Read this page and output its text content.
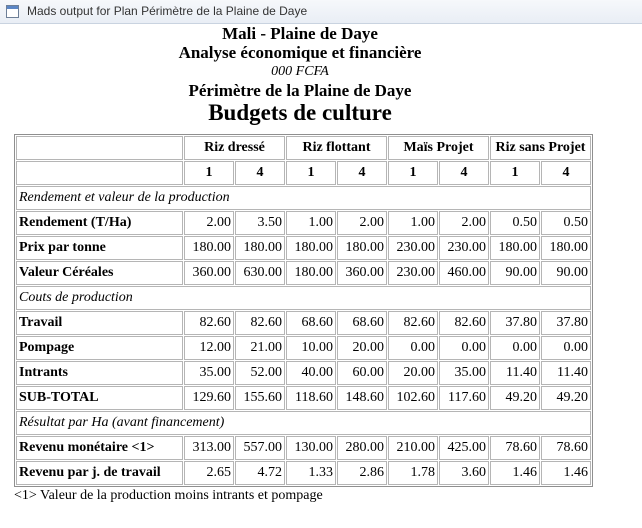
Mads output for Plan Périmètre de la Plaine de Daye
Mali - Plaine de Daye
Analyse économique et financière
000 FCFA
Périmètre de la Plaine de Daye
Budgets de culture
	Riz dressé		Riz flottant		Maïs Projet		Riz sans Projet	
	1	4	1	4	1	4	1	4
Rendement et valeur de la production								
Rendement (T/Ha)	2.00	3.50	1.00	2.00	1.00	2.00	0.50	0.50
Prix par tonne	180.00	180.00	180.00	180.00	230.00	230.00	180.00	180.00
Valeur Céréales	360.00	630.00	180.00	360.00	230.00	460.00	90.00	90.00
Couts de production								
Travail	82.60	82.60	68.60	68.60	82.60	82.60	37.80	37.80
Pompage	12.00	21.00	10.00	20.00	0.00	0.00	0.00	0.00
Intrants	35.00	52.00	40.00	60.00	20.00	35.00	11.40	11.40
SUB-TOTAL	129.60	155.60	118.60	148.60	102.60	117.60	49.20	49.20
Résultat par Ha (avant financement)								
Revenu monétaire <1>	313.00	557.00	130.00	280.00	210.00	425.00	78.60	78.60
Revenu par j. de travail	2.65	4.72	1.33	2.86	1.78	3.60	1.46	1.46
<1> Valeur de la production moins intrants et pompage
